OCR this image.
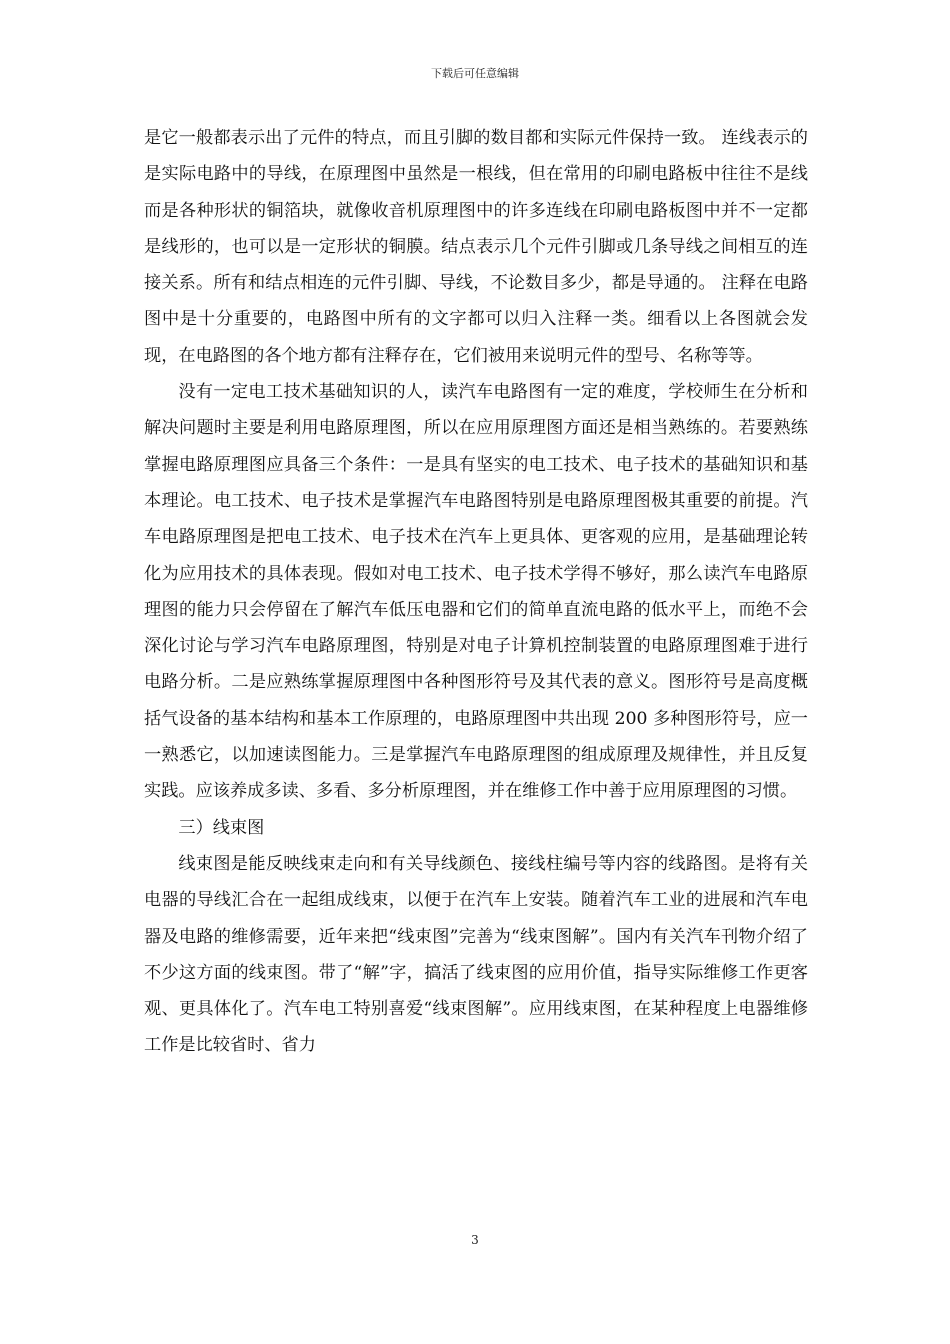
下载后可任意编辑

是它一般都表示出了元件的特点，而且引脚的数目都和实际元件保持一致。 连线表示的是实际电路中的导线，在原理图中虽然是一根线，但在常用的印刷电路板中往往不是线而是各种形状的铜箔块，就像收音机原理图中的许多连线在印刷电路板图中并不一定都是线形的，也可以是一定形状的铜膜。结点表示几个元件引脚或几条导线之间相互的连接关系。所有和结点相连的元件引脚、导线，不论数目多少，都是导通的。 注释在电路图中是十分重要的，电路图中所有的文字都可以归入注释一类。细看以上各图就会发现，在电路图的各个地方都有注释存在，它们被用来说明元件的型号、名称等等。

没有一定电工技术基础知识的人，读汽车电路图有一定的难度，学校师生在分析和解决问题时主要是利用电路原理图，所以在应用原理图方面还是相当熟练的。若要熟练掌握电路原理图应具备三个条件：一是具有坚实的电工技术、电子技术的基础知识和基本理论。电工技术、电子技术是掌握汽车电路图特别是电路原理图极其重要的前提。汽车电路原理图是把电工技术、电子技术在汽车上更具体、更客观的应用，是基础理论转化为应用技术的具体表现。假如对电工技术、电子技术学得不够好，那么读汽车电路原理图的能力只会停留在了解汽车低压电器和它们的简单直流电路的低水平上，而绝不会深化讨论与学习汽车电路原理图，特别是对电子计算机控制装置的电路原理图难于进行电路分析。二是应熟练掌握原理图中各种图形符号及其代表的意义。图形符号是高度概括气设备的基本结构和基本工作原理的，电路原理图中共出现 200 多种图形符号，应一一熟悉它，以加速读图能力。三是掌握汽车电路原理图的组成原理及规律性，并且反复实践。应该养成多读、多看、多分析原理图，并在维修工作中善于应用原理图的习惯。

三）线束图

线束图是能反映线束走向和有关导线颜色、接线柱编号等内容的线路图。是将有关电器的导线汇合在一起组成线束，以便于在汽车上安装。随着汽车工业的进展和汽车电器及电路的维修需要，近年来把“线束图”完善为“线束图解”。国内有关汽车刊物介绍了不少这方面的线束图。带了“解”字，搞活了线束图的应用价值，指导实际维修工作更客观、更具体化了。汽车电工特别喜爱“线束图解”。应用线束图，在某种程度上电器维修工作是比较省时、省力

3
